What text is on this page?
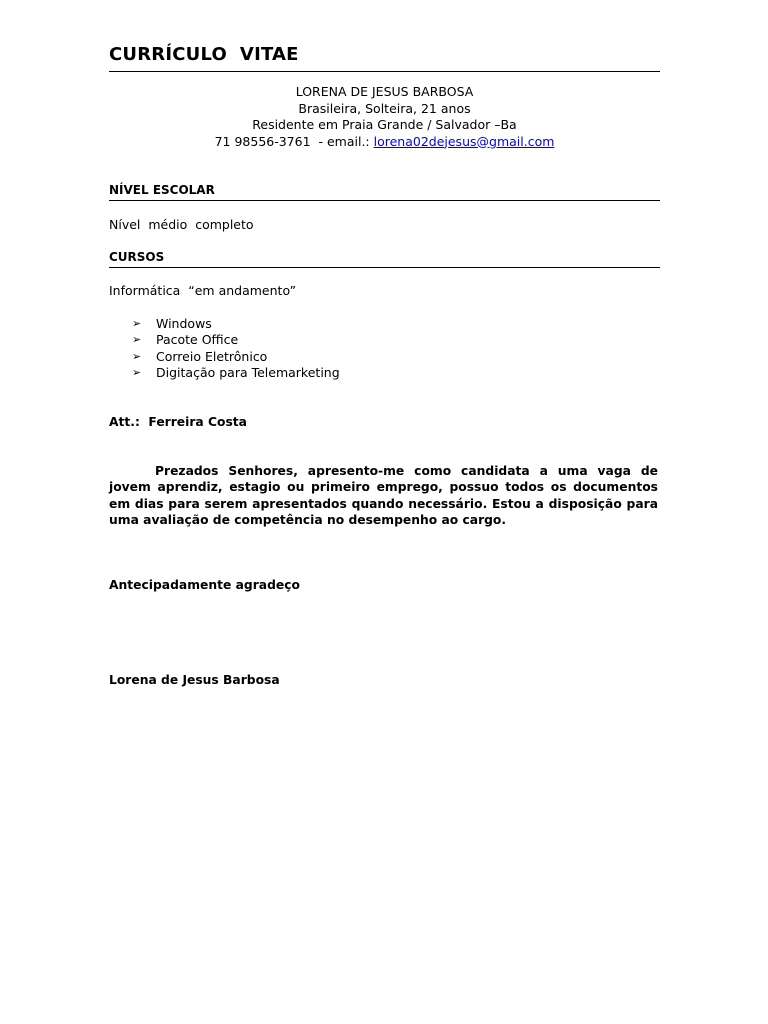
CURRÍCULO  VITAE
LORENA DE JESUS BARBOSA
Brasileira, Solteira, 21 anos
Residente em Praia Grande / Salvador –Ba
71 98556-3761  - email.: lorena02dejesus@gmail.com
NÍVEL ESCOLAR
Nível  médio  completo
CURSOS
Informática  “em andamento”
➢ Windows
➢ Pacote Office
➢ Correio Eletrônico
➢ Digitação para Telemarketing
Att.:  Ferreira Costa
Prezados Senhores, apresento-me como candidata a uma vaga de jovem aprendiz, estagio ou primeiro emprego, possuo todos os documentos em dias para serem apresentados quando necessário. Estou a disposição para uma avaliação de competência no desempenho ao cargo.
Antecipadamente agradeço
Lorena de Jesus Barbosa
